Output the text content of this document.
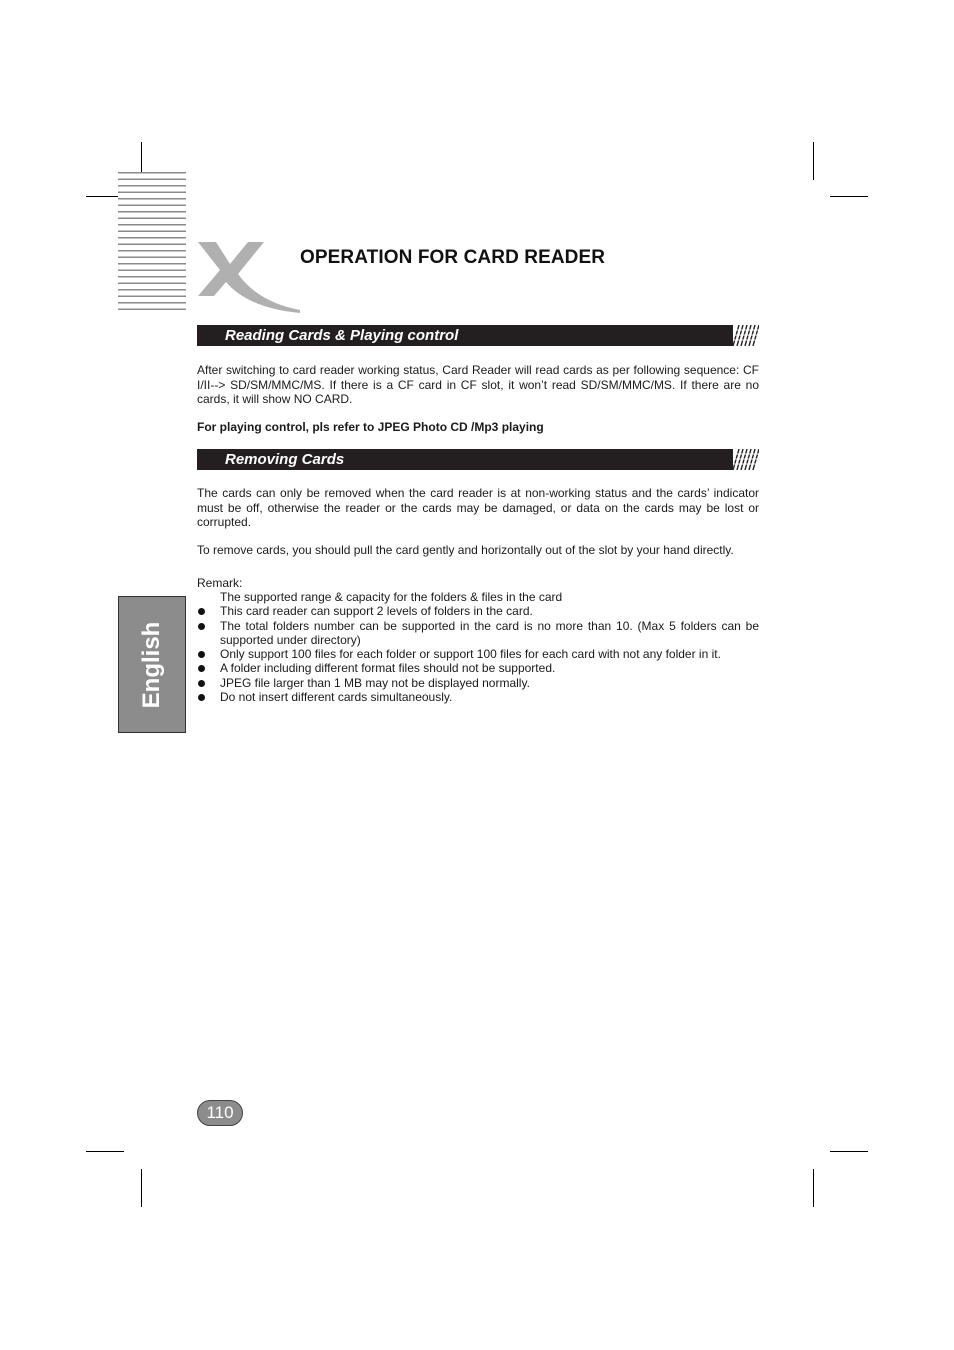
OPERATION FOR CARD READER
Reading Cards & Playing control

After switching to card reader working status, Card Reader will read cards as per following sequence: CF I/II--> SD/SM/MMC/MS. If there is a CF card in CF slot, it won’t read SD/SM/MMC/MS. If there are no cards, it will show NO CARD.

For playing control, pls refer to JPEG Photo CD /Mp3 playing

Removing Cards

The cards can only be removed when the card reader is at non-working status and the cards’ indicator must be off, otherwise the reader or the cards may be damaged, or data on the cards may be lost or corrupted.

To remove cards, you should pull the card gently and horizontally out of the slot by your hand directly.

Remark:
The supported range & capacity for the folders & files in the card
This card reader can support 2 levels of folders in the card.
The total folders number can be supported in the card is no more than 10. (Max 5 folders can be supported under directory)
Only support 100 files for each folder or support 100 files for each card with not any folder in it.
A folder including different format files should not be supported.
JPEG file larger than 1 MB may not be displayed normally.
Do not insert different cards simultaneously.
English
110
